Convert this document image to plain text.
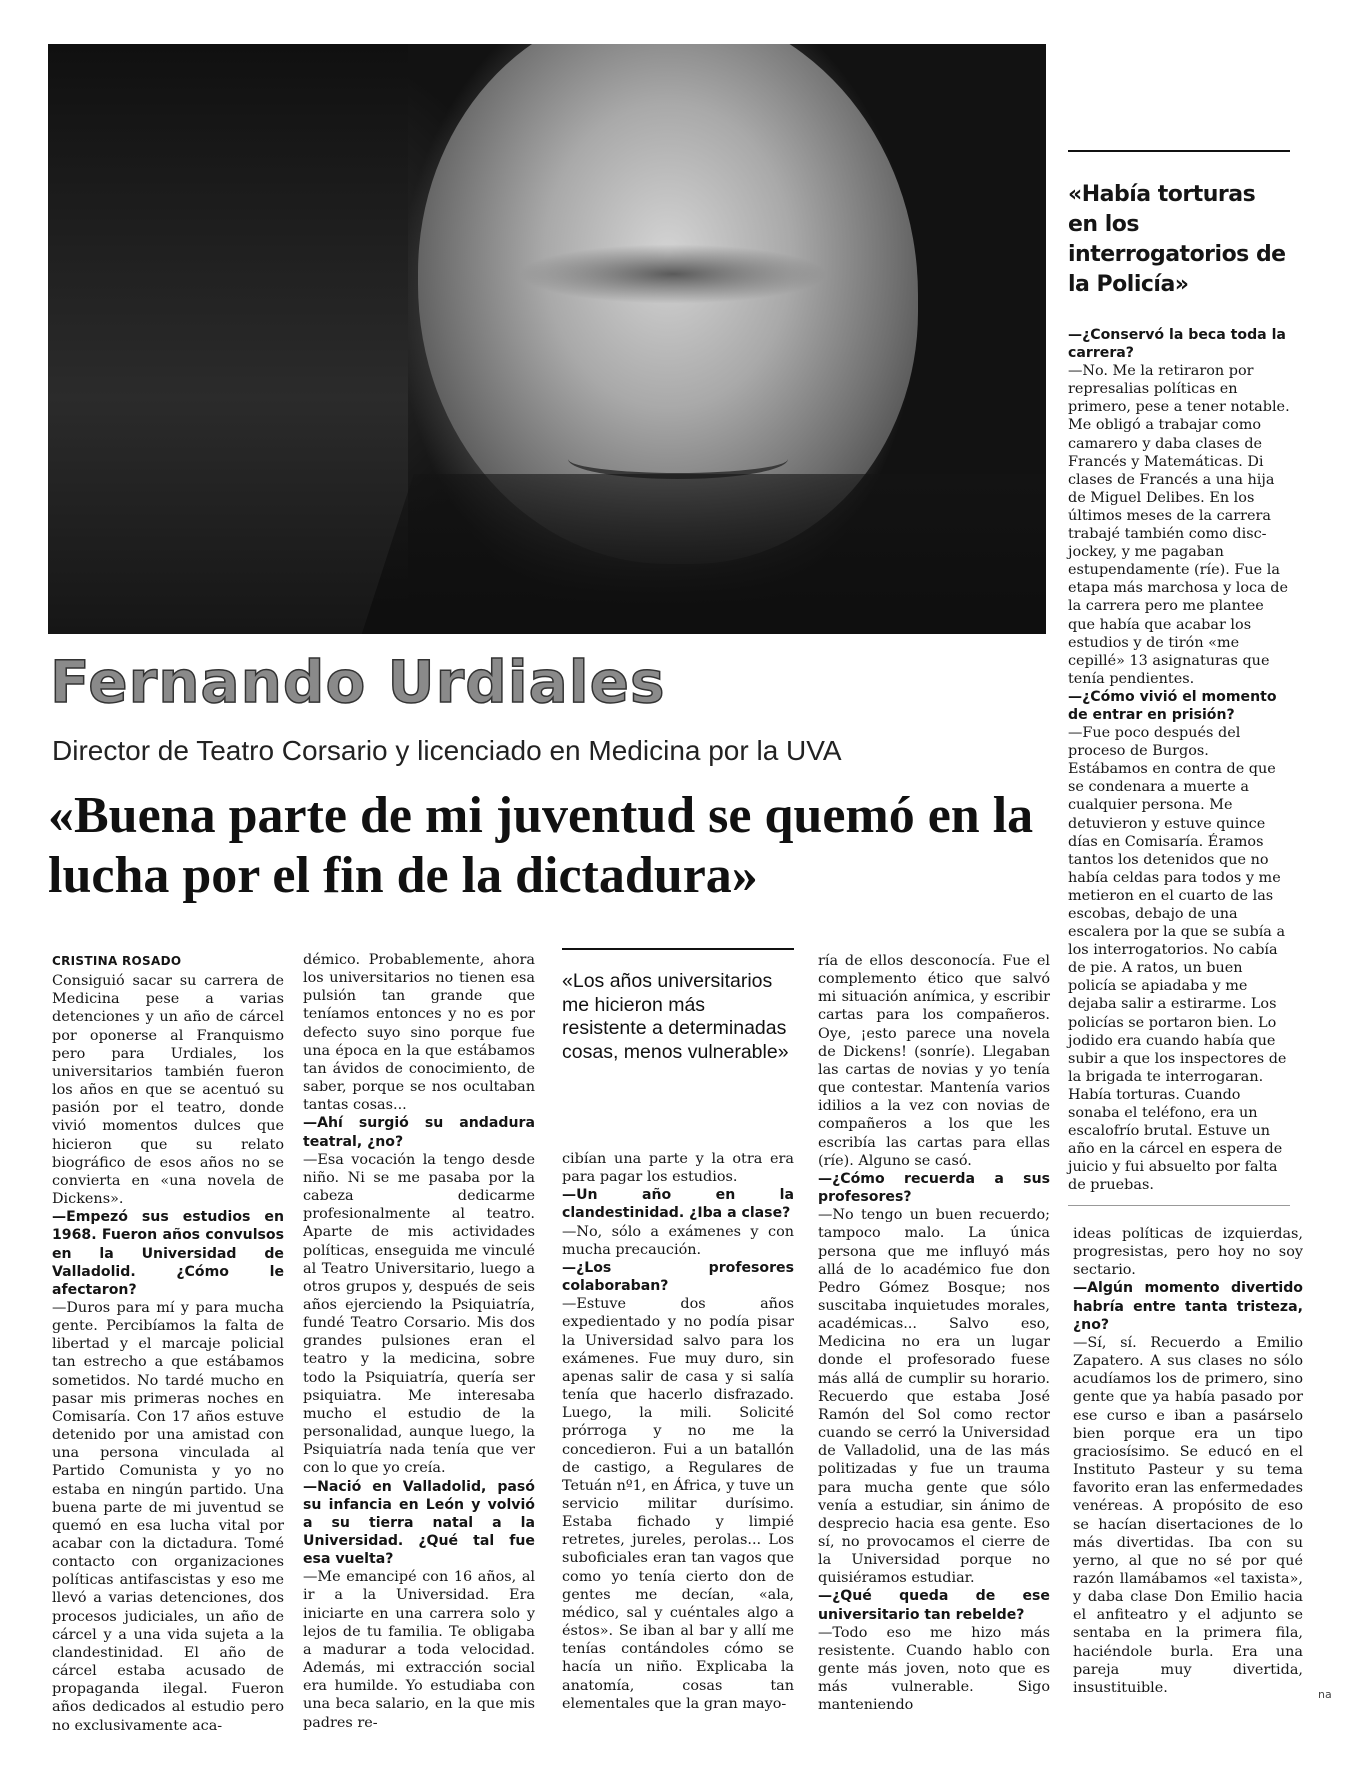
Fernando Urdiales
Director de Teatro Corsario y licenciado en Medicina por la UVA
«Buena parte de mi juventud se quemó en la lucha por el fin de la dictadura»
«Había torturas en los interrogatorios de la Policía»

—¿Conservó la beca toda la carrera?

—No. Me la retiraron por represalias políticas en primero, pese a tener notable. Me obligó a trabajar como camarero y daba clases de Francés y Matemáticas. Di clases de Francés a una hija de Miguel Delibes. En los últimos meses de la carrera trabajé también como disc-jockey, y me pagaban estupendamente (ríe). Fue la etapa más marchosa y loca de la carrera pero me plantee que había que acabar los estudios y de tirón «me cepillé» 13 asignaturas que tenía pendientes.

—¿Cómo vivió el momento de entrar en prisión?

—Fue poco después del proceso de Burgos. Estábamos en contra de que se condenara a muerte a cualquier persona. Me detuvieron y estuve quince días en Comisaría. Éramos tantos los detenidos que no había celdas para todos y me metieron en el cuarto de las escobas, debajo de una escalera por la que se subía a los interrogatorios. No cabía de pie. A ratos, un buen policía se apiadaba y me dejaba salir a estirarme. Los policías se portaron bien. Lo jodido era cuando había que subir a que los inspectores de la brigada te interrogaran. Había torturas. Cuando sonaba el teléfono, era un escalofrío brutal. Estuve un año en la cárcel en espera de juicio y fui absuelto por falta de pruebas.

CRISTINA ROSADO

Consiguió sacar su carrera de Medicina pese a varias detenciones y un año de cárcel por oponerse al Franquismo pero para Urdiales, los universitarios también fueron los años en que se acentuó su pasión por el teatro, donde vivió momentos dulces que hicieron que su relato biográfico de esos años no se convierta en «una novela de Dickens».

—Empezó sus estudios en 1968. Fueron años convulsos en la Universidad de Valladolid. ¿Cómo le afectaron?

—Duros para mí y para mucha gente. Percibíamos la falta de libertad y el marcaje policial tan estrecho a que estábamos sometidos. No tardé mucho en pasar mis primeras noches en Comisaría. Con 17 años estuve detenido por una amistad con una persona vinculada al Partido Comunista y yo no estaba en ningún partido. Una buena parte de mi juventud se quemó en esa lucha vital por acabar con la dictadura. Tomé contacto con organizaciones políticas antifascistas y eso me llevó a varias detenciones, dos procesos judiciales, un año de cárcel y a una vida sujeta a la clandestinidad. El año de cárcel estaba acusado de propaganda ilegal. Fueron años dedicados al estudio pero no exclusivamente aca-

démico. Probablemente, ahora los universitarios no tienen esa pulsión tan grande que teníamos entonces y no es por defecto suyo sino porque fue una época en la que estábamos tan ávidos de conocimiento, de saber, porque se nos ocultaban tantas cosas...

—Ahí surgió su andadura teatral, ¿no?

—Esa vocación la tengo desde niño. Ni se me pasaba por la cabeza dedicarme profesionalmente al teatro. Aparte de mis actividades políticas, enseguida me vinculé al Teatro Universitario, luego a otros grupos y, después de seis años ejerciendo la Psiquiatría, fundé Teatro Corsario. Mis dos grandes pulsiones eran el teatro y la medicina, sobre todo la Psiquiatría, quería ser psiquiatra. Me interesaba mucho el estudio de la personalidad, aunque luego, la Psiquiatría nada tenía que ver con lo que yo creía.

—Nació en Valladolid, pasó su infancia en León y volvió a su tierra natal a la Universidad. ¿Qué tal fue esa vuelta?

—Me emancipé con 16 años, al ir a la Universidad. Era iniciarte en una carrera solo y lejos de tu familia. Te obligaba a madurar a toda velocidad. Además, mi extracción social era humilde. Yo estudiaba con una beca salario, en la que mis padres re-

«Los años universitarios me hicieron más resistente a determinadas cosas, menos vulnerable»

cibían una parte y la otra era para pagar los estudios.

—Un año en la clandestinidad. ¿Iba a clase?

—No, sólo a exámenes y con mucha precaución.

—¿Los profesores colaboraban?

—Estuve dos años expedientado y no podía pisar la Universidad salvo para los exámenes. Fue muy duro, sin apenas salir de casa y si salía tenía que hacerlo disfrazado. Luego, la mili. Solicité prórroga y no me la concedieron. Fui a un batallón de castigo, a Regulares de Tetuán nº1, en África, y tuve un servicio militar durísimo. Estaba fichado y limpié retretes, jureles, perolas... Los suboficiales eran tan vagos que como yo tenía cierto don de gentes me decían, «ala, médico, sal y cuéntales algo a éstos». Se iban al bar y allí me tenías contándoles cómo se hacía un niño. Explicaba la anatomía, cosas tan elementales que la gran mayo-

ría de ellos desconocía. Fue el complemento ético que salvó mi situación anímica, y escribir cartas para los compañeros. Oye, ¡esto parece una novela de Dickens! (sonríe). Llegaban las cartas de novias y yo tenía que contestar. Mantenía varios idilios a la vez con novias de compañeros a los que les escribía las cartas para ellas (ríe). Alguno se casó.

—¿Cómo recuerda a sus profesores?

—No tengo un buen recuerdo; tampoco malo. La única persona que me influyó más allá de lo académico fue don Pedro Gómez Bosque; nos suscitaba inquietudes morales, académicas... Salvo eso, Medicina no era un lugar donde el profesorado fuese más allá de cumplir su horario. Recuerdo que estaba José Ramón del Sol como rector cuando se cerró la Universidad de Valladolid, una de las más politizadas y fue un trauma para mucha gente que sólo venía a estudiar, sin ánimo de desprecio hacia esa gente. Eso sí, no provocamos el cierre de la Universidad porque no quisiéramos estudiar.

—¿Qué queda de ese universitario tan rebelde?

—Todo eso me hizo más resistente. Cuando hablo con gente más joven, noto que es más vulnerable. Sigo manteniendo

ideas políticas de izquierdas, progresistas, pero hoy no soy sectario.

—Algún momento divertido habría entre tanta tristeza, ¿no?

—Sí, sí. Recuerdo a Emilio Zapatero. A sus clases no sólo acudíamos los de primero, sino gente que ya había pasado por ese curso e iban a pasárselo bien porque era un tipo graciosísimo. Se educó en el Instituto Pasteur y su tema favorito eran las enfermedades venéreas. A propósito de eso se hacían disertaciones de lo más divertidas. Iba con su yerno, al que no sé por qué razón llamábamos «el taxista», y daba clase Don Emilio hacia el anfiteatro y el adjunto se sentaba en la primera fila, haciéndole burla. Era una pareja muy divertida, insustituible.	na
